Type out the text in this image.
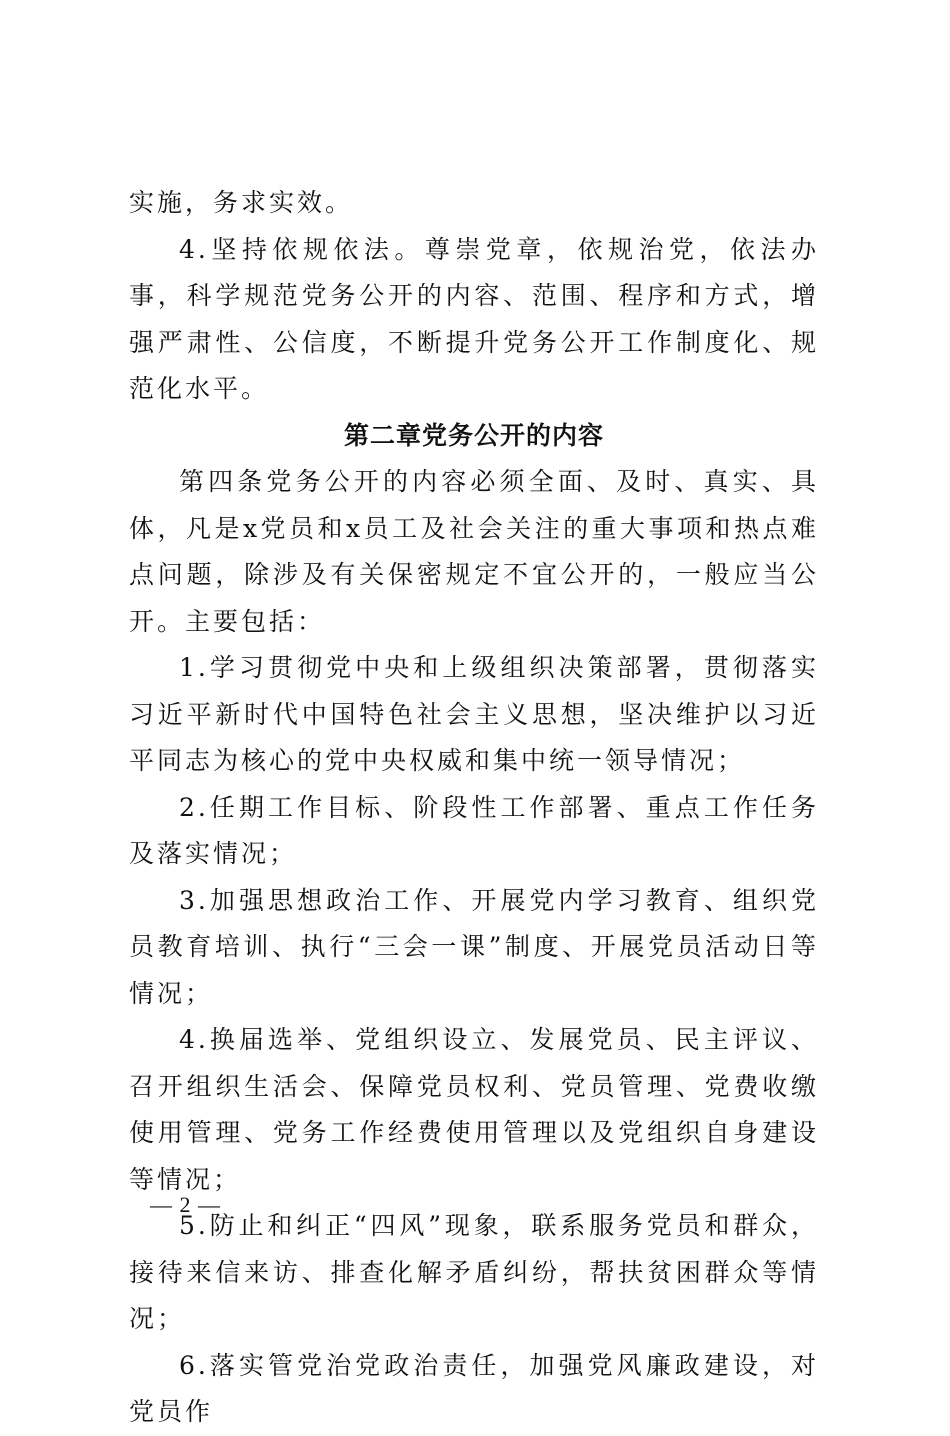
实施，务求实效。

4.坚持依规依法。尊崇党章，依规治党，依法办事，科学规范党务公开的内容、范围、程序和方式，增强严肃性、公信度，不断提升党务公开工作制度化、规范化水平。

第二章党务公开的内容

第四条党务公开的内容必须全面、及时、真实、具体，凡是x党员和x员工及社会关注的重大事项和热点难点问题，除涉及有关保密规定不宜公开的，一般应当公开。主要包括：

1.学习贯彻党中央和上级组织决策部署，贯彻落实习近平新时代中国特色社会主义思想，坚决维护以习近平同志为核心的党中央权威和集中统一领导情况；

2.任期工作目标、阶段性工作部署、重点工作任务及落实情况；

3.加强思想政治工作、开展党内学习教育、组织党员教育培训、执行“三会一课”制度、开展党员活动日等情况；

4.换届选举、党组织设立、发展党员、民主评议、召开组织生活会、保障党员权利、党员管理、党费收缴使用管理、党务工作经费使用管理以及党组织自身建设等情况；

5.防止和纠正“四风”现象，联系服务党员和群众，接待来信来访、排查化解矛盾纠纷，帮扶贫困群众等情况；

6.落实管党治党政治责任，加强党风廉政建设，对党员作

— 2 —
